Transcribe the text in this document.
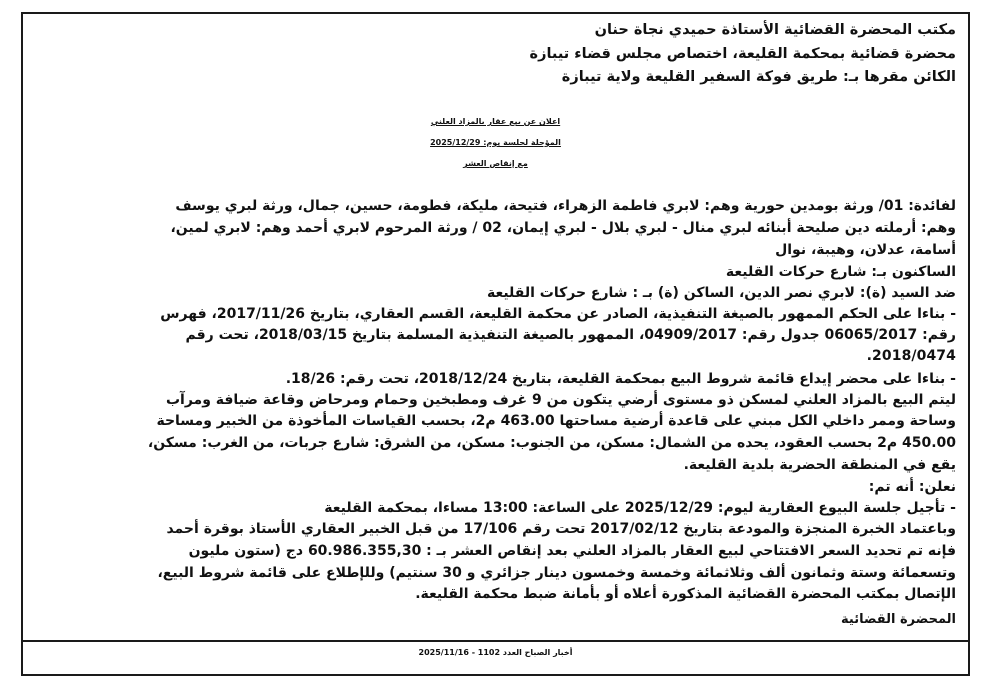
مكتب المحضرة القضائية الأستاذة حميدي نجاة حنان
محضرة قضائية بمحكمة القليعة، اختصاص مجلس قضاء تيبازة
الكائن مقرها بـ: طريق فوكة السفير القليعة ولاية تيبازة
اعلان عن بيع عقار بالمزاد العلني
المؤجلة لجلسة يوم: 2025/12/29
مع إنقاص العشر
لفائدة: 01/ ورثة بومدين حورية وهم: لابري فاطمة الزهراء، فتيحة، مليكة، فطومة، حسين، جمال، ورثة لبري يوسف
وهم: أرملته دين صليحة أبنائه لبري منال - لبري بلال - لبري إيمان، 02 / ورثة المرحوم لابري أحمد وهم: لابري لمين،
أسامة، عدلان، وهيبة، نوال
الساكنون بـ: شارع حركات القليعة
ضد السيد (ة): لابري نصر الدين، الساكن (ة) بـ : شارع حركات القليعة
- بناءا على الحكم الممهور بالصيغة التنفيذية، الصادر عن محكمة القليعة، القسم العقاري، بتاريخ 2017/11/26، فهرس
رقم: 06065/2017 جدول رقم: 04909/2017، الممهور بالصيغة التنفيذية المسلمة بتاريخ 2018/03/15، تحت رقم
2018/0474.
- بناءا على محضر إيداع قائمة شروط البيع بمحكمة القليعة، بتاريخ 2018/12/24، تحت رقم: 18/26.
ليتم البيع بالمزاد العلني لمسكن ذو مستوى أرضي يتكون من 9 غرف ومطبخين وحمام ومرحاض وقاعة ضيافة ومرآب
وساحة وممر داخلي الكل مبني على قاعدة أرضية مساحتها 463.00 م2، بحسب القياسات المأخوذة من الخبير ومساحة
450.00 م2 بحسب العقود، يحده من الشمال: مسكن، من الجنوب: مسكن، من الشرق: شارع جربات، من الغرب: مسكن،
يقع في المنطقة الحضرية بلدية القليعة.
نعلن: أنه تم:
- تأجيل جلسة البيوع العقارية ليوم: 2025/12/29 على الساعة: 13:00 مساءا، بمحكمة القليعة
وباعتماد الخبرة المنجزة والمودعة بتاريخ 2017/02/12 تحت رقم 17/106 من قبل الخبير العقاري الأستاذ بوقرة أحمد
فإنه تم تحديد السعر الافتتاحي لبيع العقار بالمزاد العلني بعد إنقاص العشر بـ : 60.986.355,30 دج (ستون مليون
وتسعمائة وستة وثمانون ألف وثلاثمائة وخمسة وخمسون دينار جزائري و 30 سنتيم) وللإطلاع على قائمة شروط البيع،
الإتصال بمكتب المحضرة القضائية المذكورة أعلاه أو بأمانة ضبط محكمة القليعة.
المحضرة القضائية
أخبار الصباح العدد 1102 - 2025/11/16
